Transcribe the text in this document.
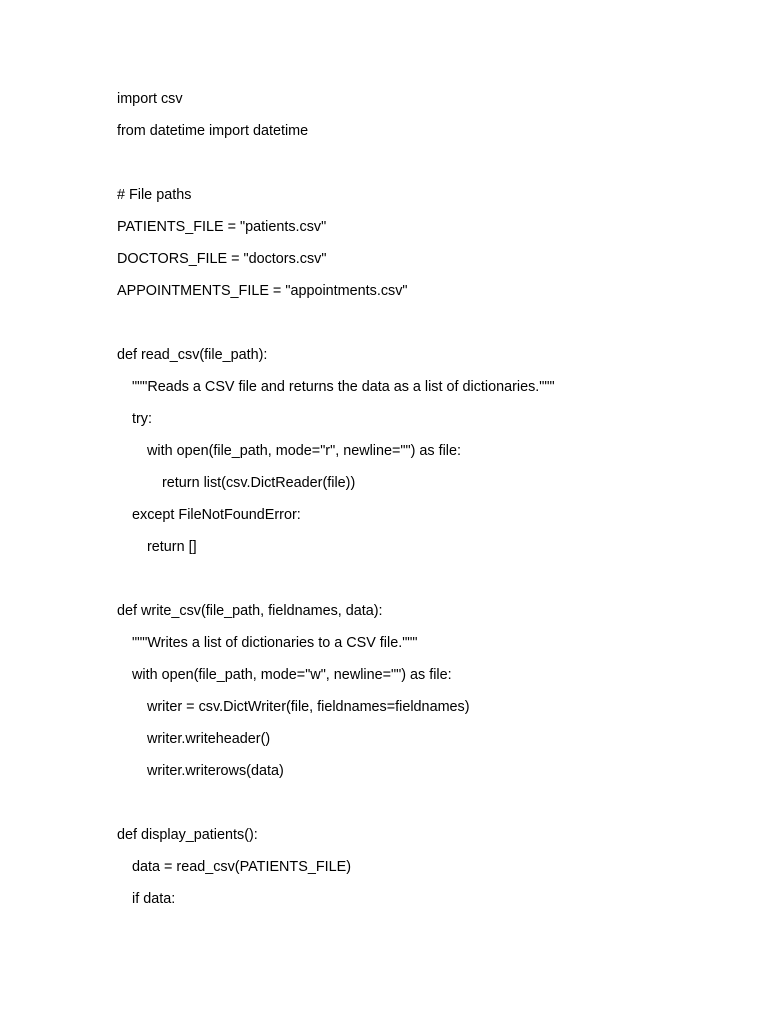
import csv
from datetime import datetime
# File paths
PATIENTS_FILE = "patients.csv"
DOCTORS_FILE = "doctors.csv"
APPOINTMENTS_FILE = "appointments.csv"
def read_csv(file_path):
"""Reads a CSV file and returns the data as a list of dictionaries."""
try:
with open(file_path, mode="r", newline="") as file:
return list(csv.DictReader(file))
except FileNotFoundError:
return []
def write_csv(file_path, fieldnames, data):
"""Writes a list of dictionaries to a CSV file."""
with open(file_path, mode="w", newline="") as file:
writer = csv.DictWriter(file, fieldnames=fieldnames)
writer.writeheader()
writer.writerows(data)
def display_patients():
data = read_csv(PATIENTS_FILE)
if data:
